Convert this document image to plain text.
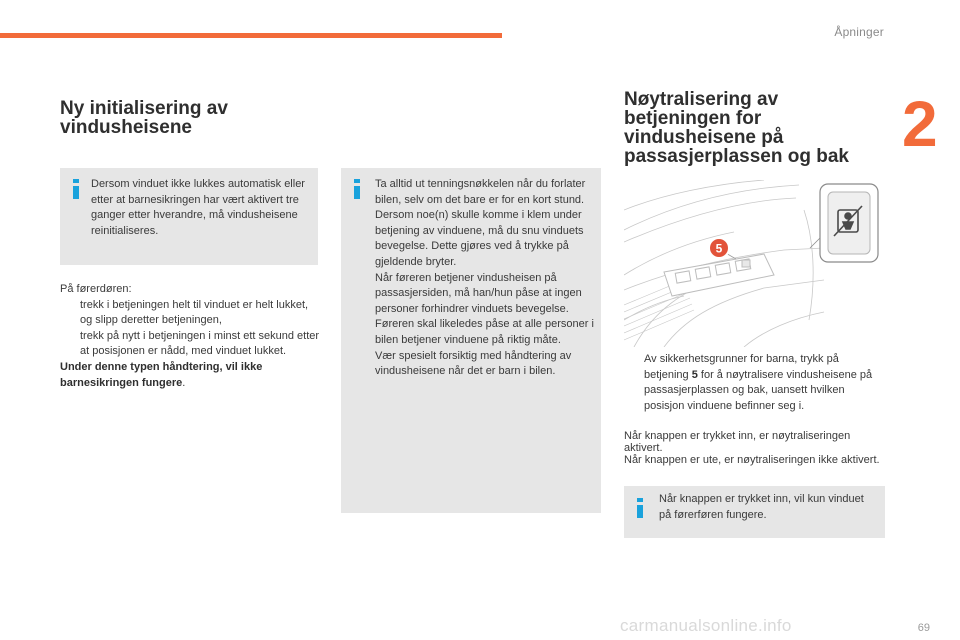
Åpninger
2
Ny initialisering av
vindusheisene

Dersom vinduet ikke lukkes automatisk eller etter at barnesikringen har vært aktivert tre ganger etter hverandre, må vindusheisene reinitialiseres.

På førerdøren:
trekk i betjeningen helt til vinduet er helt lukket, og slipp deretter betjeningen,
trekk på nytt i betjeningen i minst ett sekund etter at posisjonen er nådd, med vinduet lukket.
Under denne typen håndtering, vil ikke barnesikringen fungere.

Ta alltid ut tenningsnøkkelen når du forlater bilen, selv om det bare er for en kort stund.
Dersom noe(n) skulle komme i klem under betjening av vinduene, må du snu vinduets bevegelse. Dette gjøres ved å trykke på gjeldende bryter.
Når føreren betjener vindusheisen på passasjersiden, må han/hun påse at ingen personer forhindrer vinduets bevegelse.
Føreren skal likeledes påse at alle personer i bilen betjener vinduene på riktig måte.
Vær spesielt forsiktig med håndtering av vindusheisene når det er barn i bilen.

Nøytralisering av
betjeningen for
vindusheisene på
passasjerplassen og bak
5
Av sikkerhetsgrunner for barna, trykk på betjening 5 for å nøytralisere vindusheisene på passasjerplassen og bak, uansett hvilken posisjon vinduene befinner seg i.
Når knappen er trykket inn, er nøytraliseringen aktivert.
Når knappen er ute, er nøytraliseringen ikke aktivert.

Når knappen er trykket inn, vil kun vinduet på førerføren fungere.

carmanualsonline.info	69
